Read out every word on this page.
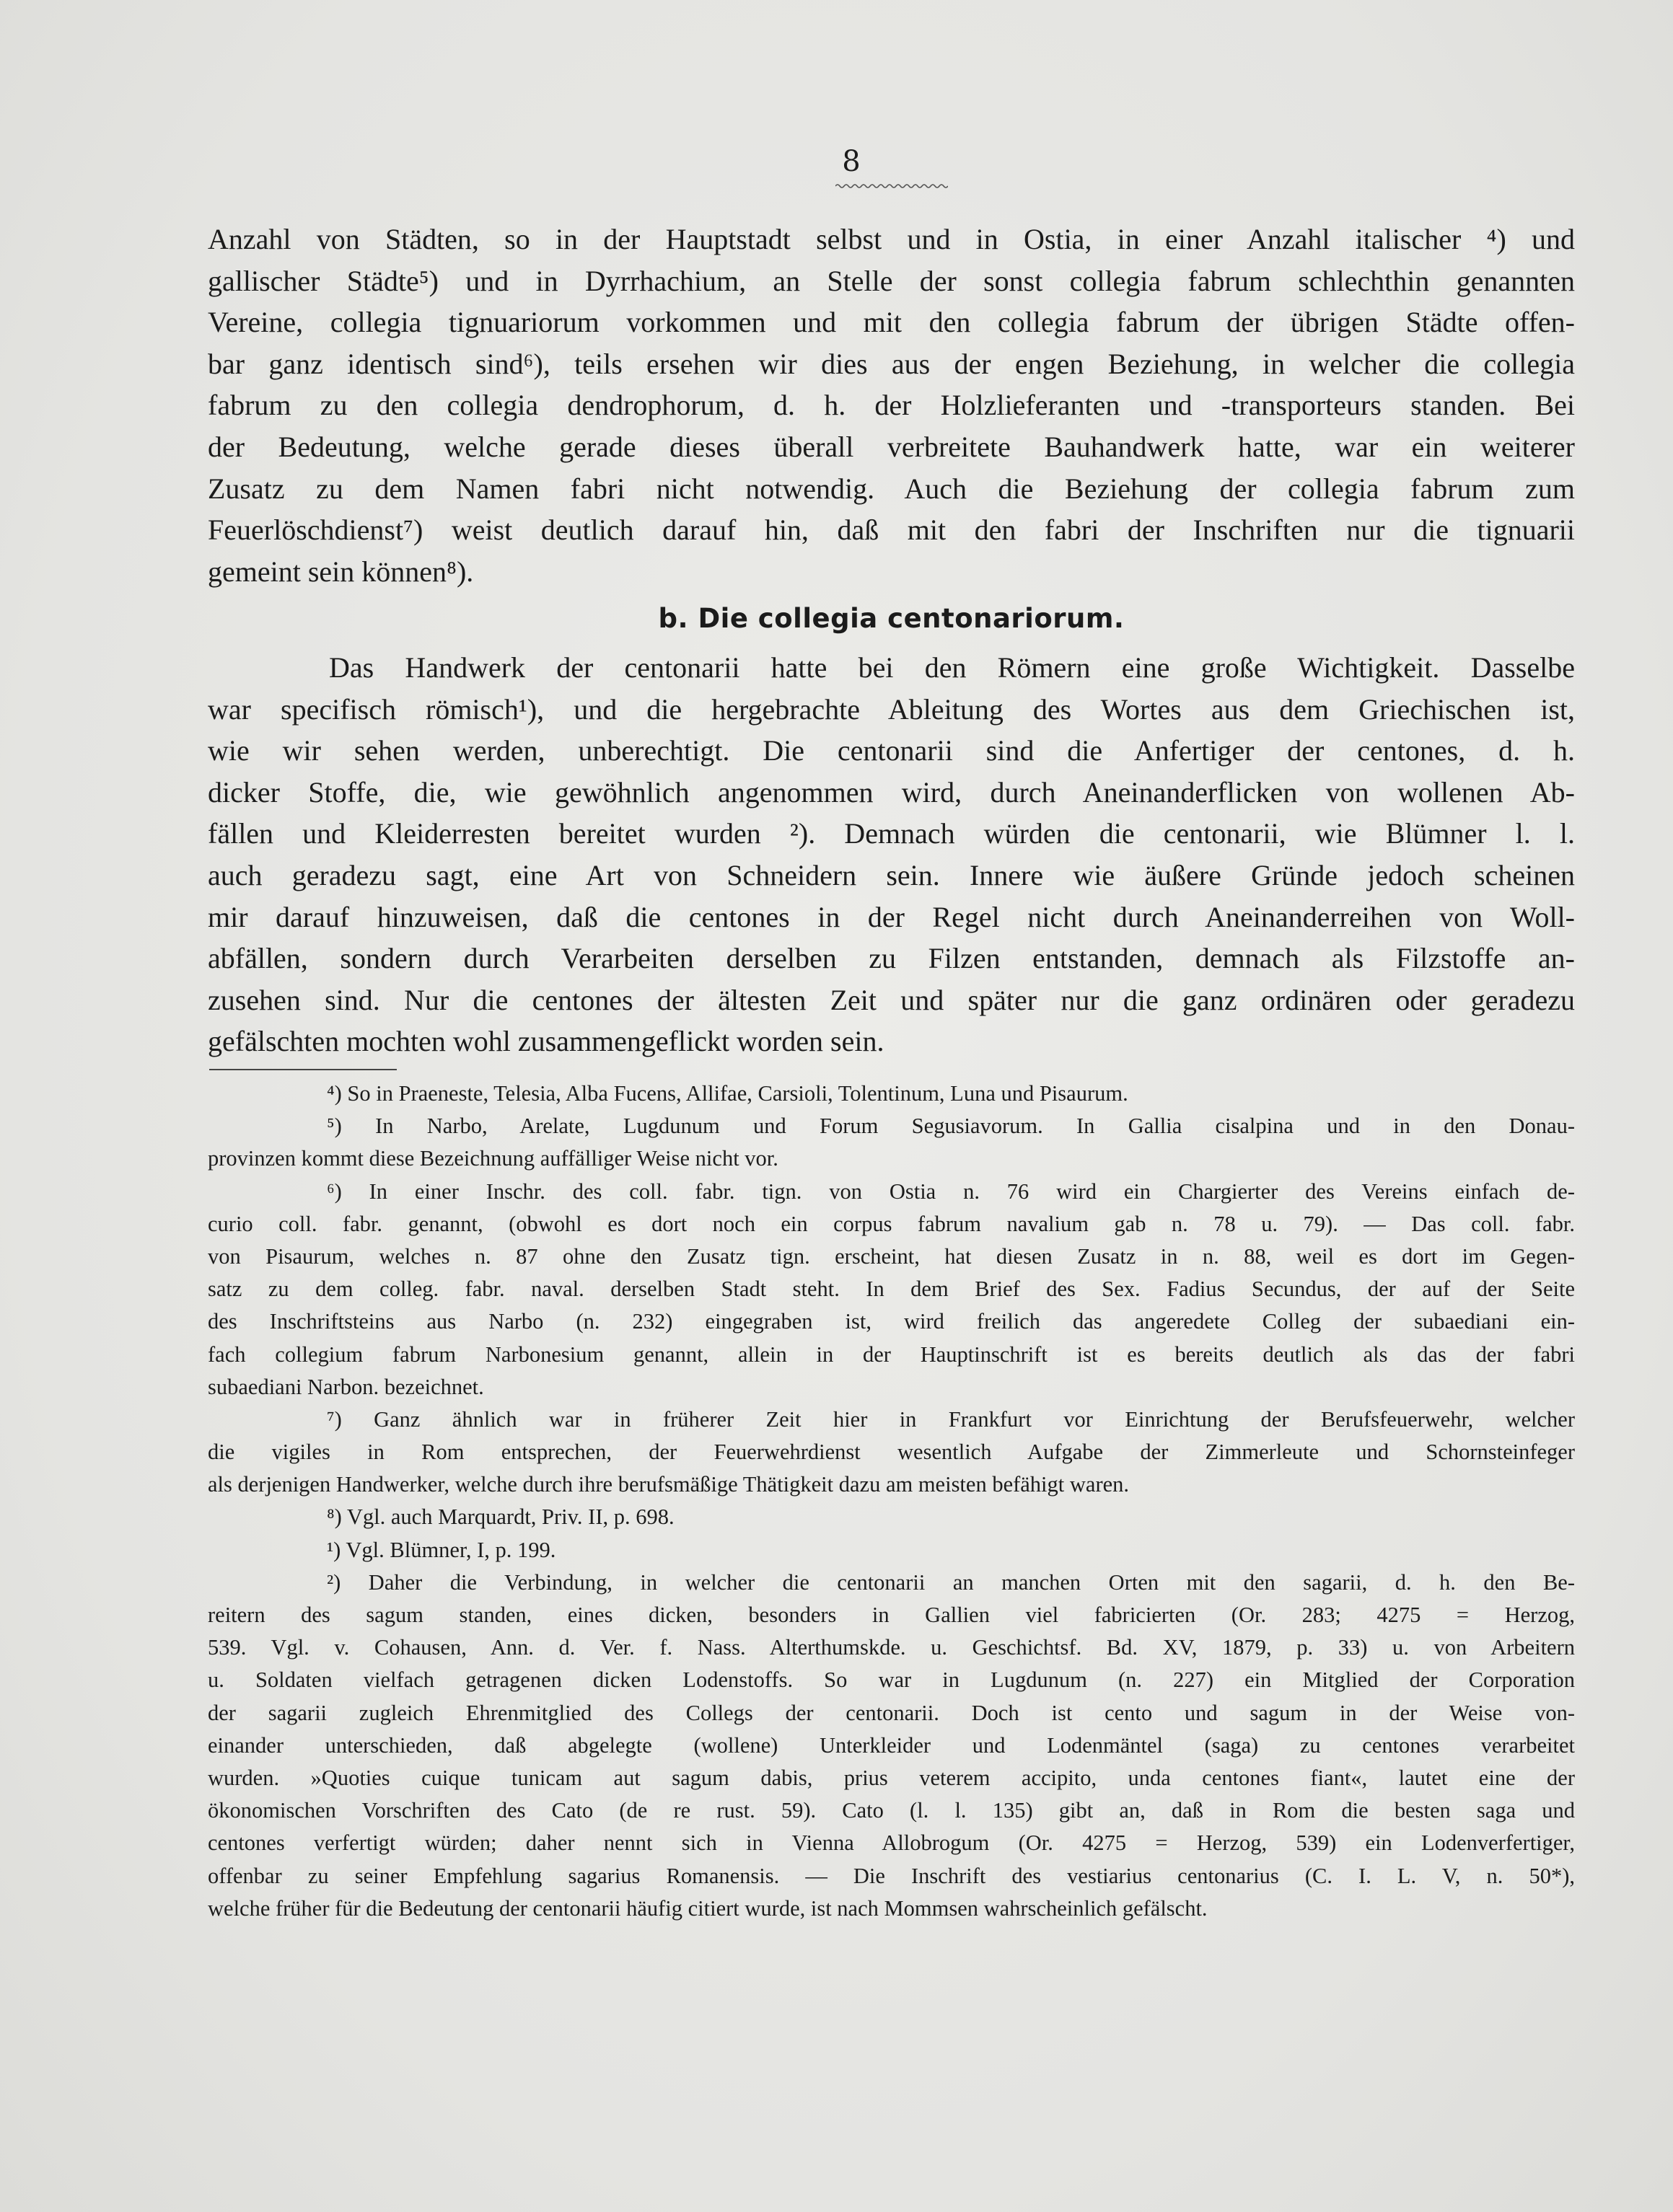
8
Anzahl von Städten, so in der Hauptstadt selbst und in Ostia, in einer Anzahl italischer ⁴) und
gallischer Städte⁵) und in Dyrrhachium, an Stelle der sonst collegia fabrum schlechthin genannten
Vereine, collegia tignuariorum vorkommen und mit den collegia fabrum der übrigen Städte offen-
bar ganz identisch sind⁶), teils ersehen wir dies aus der engen Beziehung, in welcher die collegia
fabrum zu den collegia dendrophorum, d. h. der Holzlieferanten und -transporteurs standen. Bei
der Bedeutung, welche gerade dieses überall verbreitete Bauhandwerk hatte, war ein weiterer
Zusatz zu dem Namen fabri nicht notwendig. Auch die Beziehung der collegia fabrum zum
Feuerlöschdienst⁷) weist deutlich darauf hin, daß mit den fabri der Inschriften nur die tignuarii
gemeint sein können⁸).
b. Die collegia centonariorum.
Das Handwerk der centonarii hatte bei den Römern eine große Wichtigkeit. Dasselbe
war specifisch römisch¹), und die hergebrachte Ableitung des Wortes aus dem Griechischen ist,
wie wir sehen werden, unberechtigt. Die centonarii sind die Anfertiger der centones, d. h.
dicker Stoffe, die, wie gewöhnlich angenommen wird, durch Aneinanderflicken von wollenen Ab-
fällen und Kleiderresten bereitet wurden ²). Demnach würden die centonarii, wie Blümner l. l.
auch geradezu sagt, eine Art von Schneidern sein. Innere wie äußere Gründe jedoch scheinen
mir darauf hinzuweisen, daß die centones in der Regel nicht durch Aneinanderreihen von Woll-
abfällen, sondern durch Verarbeiten derselben zu Filzen entstanden, demnach als Filzstoffe an-
zusehen sind. Nur die centones der ältesten Zeit und später nur die ganz ordinären oder geradezu
gefälschten mochten wohl zusammengeflickt worden sein.
⁴) So in Praeneste, Telesia, Alba Fucens, Allifae, Carsioli, Tolentinum, Luna und Pisaurum.
⁵) In Narbo, Arelate, Lugdunum und Forum Segusiavorum. In Gallia cisalpina und in den Donau-
provinzen kommt diese Bezeichnung auffälliger Weise nicht vor.
⁶) In einer Inschr. des coll. fabr. tign. von Ostia n. 76 wird ein Chargierter des Vereins einfach de-
curio coll. fabr. genannt, (obwohl es dort noch ein corpus fabrum navalium gab n. 78 u. 79). — Das coll. fabr.
von Pisaurum, welches n. 87 ohne den Zusatz tign. erscheint, hat diesen Zusatz in n. 88, weil es dort im Gegen-
satz zu dem colleg. fabr. naval. derselben Stadt steht. In dem Brief des Sex. Fadius Secundus, der auf der Seite
des Inschriftsteins aus Narbo (n. 232) eingegraben ist, wird freilich das angeredete Colleg der subaediani ein-
fach collegium fabrum Narbonesium genannt, allein in der Hauptinschrift ist es bereits deutlich als das der fabri
subaediani Narbon. bezeichnet.
⁷) Ganz ähnlich war in früherer Zeit hier in Frankfurt vor Einrichtung der Berufsfeuerwehr, welcher
die vigiles in Rom entsprechen, der Feuerwehrdienst wesentlich Aufgabe der Zimmerleute und Schornsteinfeger
als derjenigen Handwerker, welche durch ihre berufsmäßige Thätigkeit dazu am meisten befähigt waren.
⁸) Vgl. auch Marquardt, Priv. II, p. 698.
¹) Vgl. Blümner, I, p. 199.
²) Daher die Verbindung, in welcher die centonarii an manchen Orten mit den sagarii, d. h. den Be-
reitern des sagum standen, eines dicken, besonders in Gallien viel fabricierten (Or. 283; 4275 = Herzog,
539. Vgl. v. Cohausen, Ann. d. Ver. f. Nass. Alterthumskde. u. Geschichtsf. Bd. XV, 1879, p. 33) u. von Arbeitern
u. Soldaten vielfach getragenen dicken Lodenstoffs. So war in Lugdunum (n. 227) ein Mitglied der Corporation
der sagarii zugleich Ehrenmitglied des Collegs der centonarii. Doch ist cento und sagum in der Weise von-
einander unterschieden, daß abgelegte (wollene) Unterkleider und Lodenmäntel (saga) zu centones verarbeitet
wurden. »Quoties cuique tunicam aut sagum dabis, prius veterem accipito, unda centones fiant«, lautet eine der
ökonomischen Vorschriften des Cato (de re rust. 59). Cato (l. l. 135) gibt an, daß in Rom die besten saga und
centones verfertigt würden; daher nennt sich in Vienna Allobrogum (Or. 4275 = Herzog, 539) ein Lodenverfertiger,
offenbar zu seiner Empfehlung sagarius Romanensis. — Die Inschrift des vestiarius centonarius (C. I. L. V, n. 50*),
welche früher für die Bedeutung der centonarii häufig citiert wurde, ist nach Mommsen wahrscheinlich gefälscht.
